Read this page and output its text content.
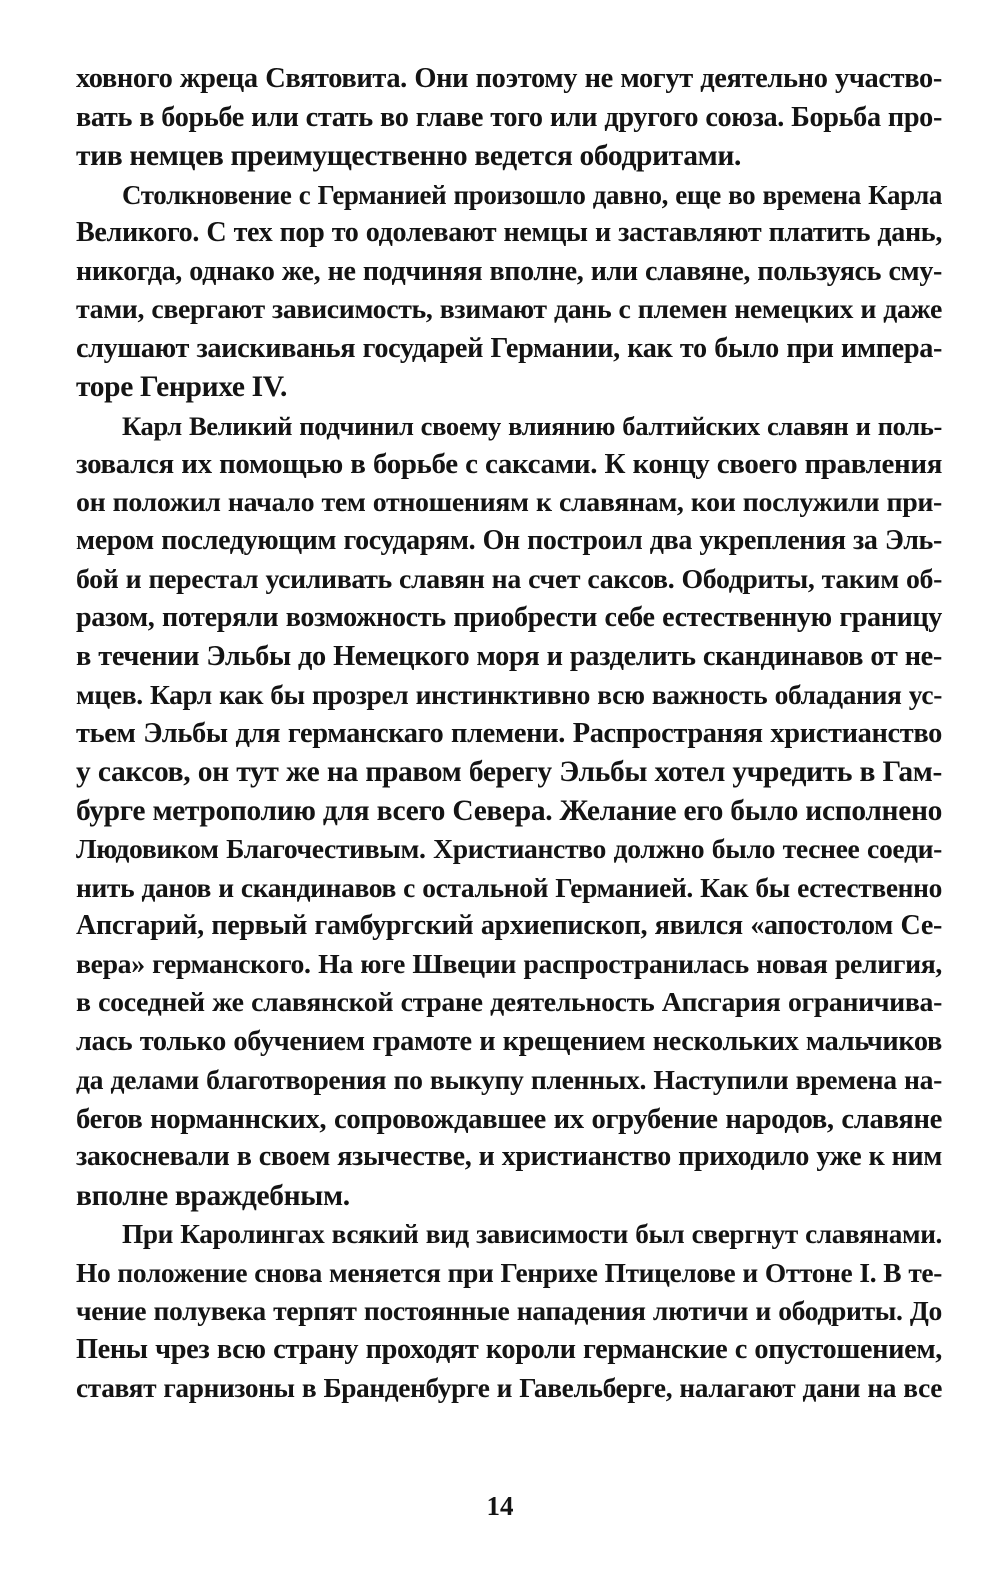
ховного жреца Святовита. Они поэтому не могут деятельно участво-
вать в борьбе или стать во главе того или другого союза. Борьба про-
тив немцев преимущественно ведется ободритами.
Столкновение с Германией произошло давно, еще во времена Карла
Великого. С тех пор то одолевают немцы и заставляют платить дань,
никогда, однако же, не подчиняя вполне, или славяне, пользуясь сму-
тами, свергают зависимость, взимают дань с племен немецких и даже
слушают заискиванья государей Германии, как то было при импера-
торе Генрихе IV.
Карл Великий подчинил своему влиянию балтийских славян и поль-
зовался их помощью в борьбе с саксами. К концу своего правления
он положил начало тем отношениям к славянам, кои послужили при-
мером последующим государям. Он построил два укрепления за Эль-
бой и перестал усиливать славян на счет саксов. Ободриты, таким об-
разом, потеряли возможность приобрести себе естественную границу
в течении Эльбы до Немецкого моря и разделить скандинавов от не-
мцев. Карл как бы прозрел инстинктивно всю важность обладания ус-
тьем Эльбы для германскаго племени. Распространяя христианство
у саксов, он тут же на правом берегу Эльбы хотел учредить в Гам-
бурге метрополию для всего Севера. Желание его было исполнено
Людовиком Благочестивым. Христианство должно было теснее соеди-
нить данов и скандинавов с остальной Германией. Как бы естественно
Апсгарий, первый гамбургский архиепископ, явился «апостолом Се-
вера» германского. На юге Швеции распространилась новая религия,
в соседней же славянской стране деятельность Апсгария ограничива-
лась только обучением грамоте и крещением нескольких мальчиков
да делами благотворения по выкупу пленных. Наступили времена на-
бегов норманнских, сопровождавшее их огрубение народов, славяне
закосневали в своем язычестве, и христианство приходило уже к ним
вполне враждебным.
При Каролингах всякий вид зависимости был свергнут славянами.
Но положение снова меняется при Генрихе Птицелове и Оттоне I. В те-
чение полувека терпят постоянные нападения лютичи и ободриты. До
Пены чрез всю страну проходят короли германские с опустошением,
ставят гарнизоны в Бранденбурге и Гавельберге, налагают дани на все
14
